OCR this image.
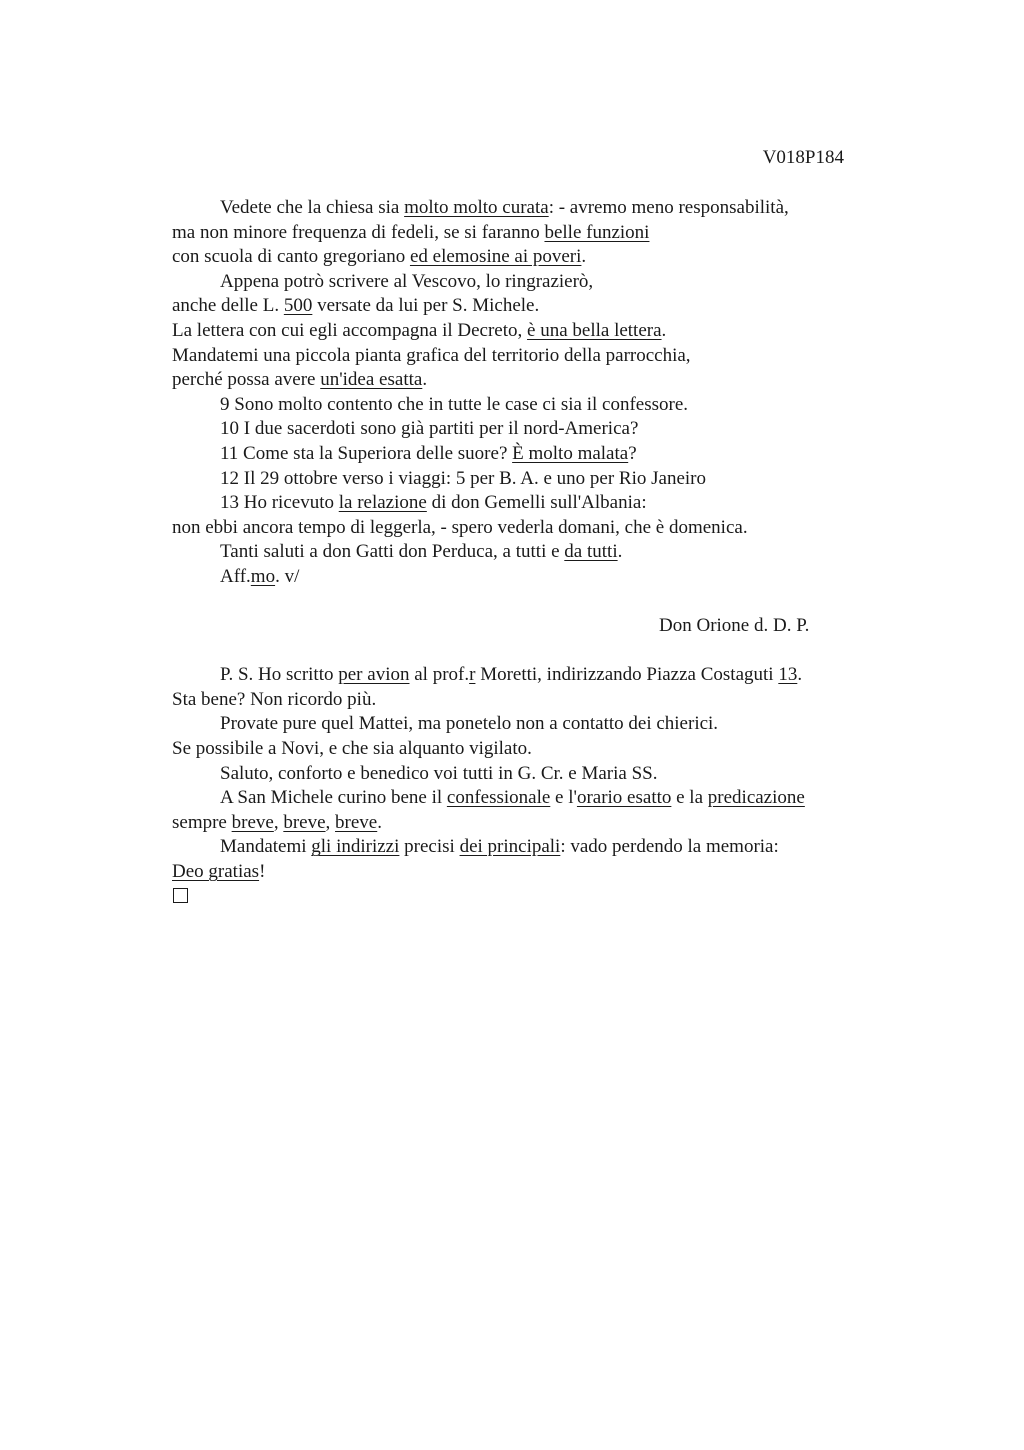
V018P184
Vedete che la chiesa sia molto molto curata: - avremo meno responsabilità,
ma non minore frequenza di fedeli, se si faranno belle funzioni
con scuola di canto gregoriano ed elemosine ai poveri.
Appena potrò scrivere al Vescovo, lo ringrazierò,
anche delle L. 500 versate da lui per S. Michele.
La lettera con cui egli accompagna il Decreto, è una bella lettera.
Mandatemi una piccola pianta grafica del territorio della parrocchia,
perché possa avere un'idea esatta.
9 Sono molto contento che in tutte le case ci sia il confessore.
10 I due sacerdoti sono già partiti per il nord-America?
11 Come sta la Superiora delle suore? È molto malata?
12 Il 29 ottobre verso i viaggi: 5 per B. A. e uno per Rio Janeiro
13 Ho ricevuto la relazione di don Gemelli sull'Albania:
non ebbi ancora tempo di leggerla, - spero vederla domani, che è domenica.
Tanti saluti a don Gatti don Perduca, a tutti e da tutti.
Aff.mo. v/
Don Orione d. D. P.
P. S. Ho scritto per avion al prof.r Moretti, indirizzando Piazza Costaguti 13.
Sta bene? Non ricordo più.
Provate pure quel Mattei, ma ponetelo non a contatto dei chierici.
Se possibile a Novi, e che sia alquanto vigilato.
Saluto, conforto e benedico voi tutti in G. Cr. e Maria SS.
A San Michele curino bene il confessionale e l'orario esatto e la predicazione
sempre breve, breve, breve.
Mandatemi gli indirizzi precisi dei principali: vado perdendo la memoria:
Deo gratias!
